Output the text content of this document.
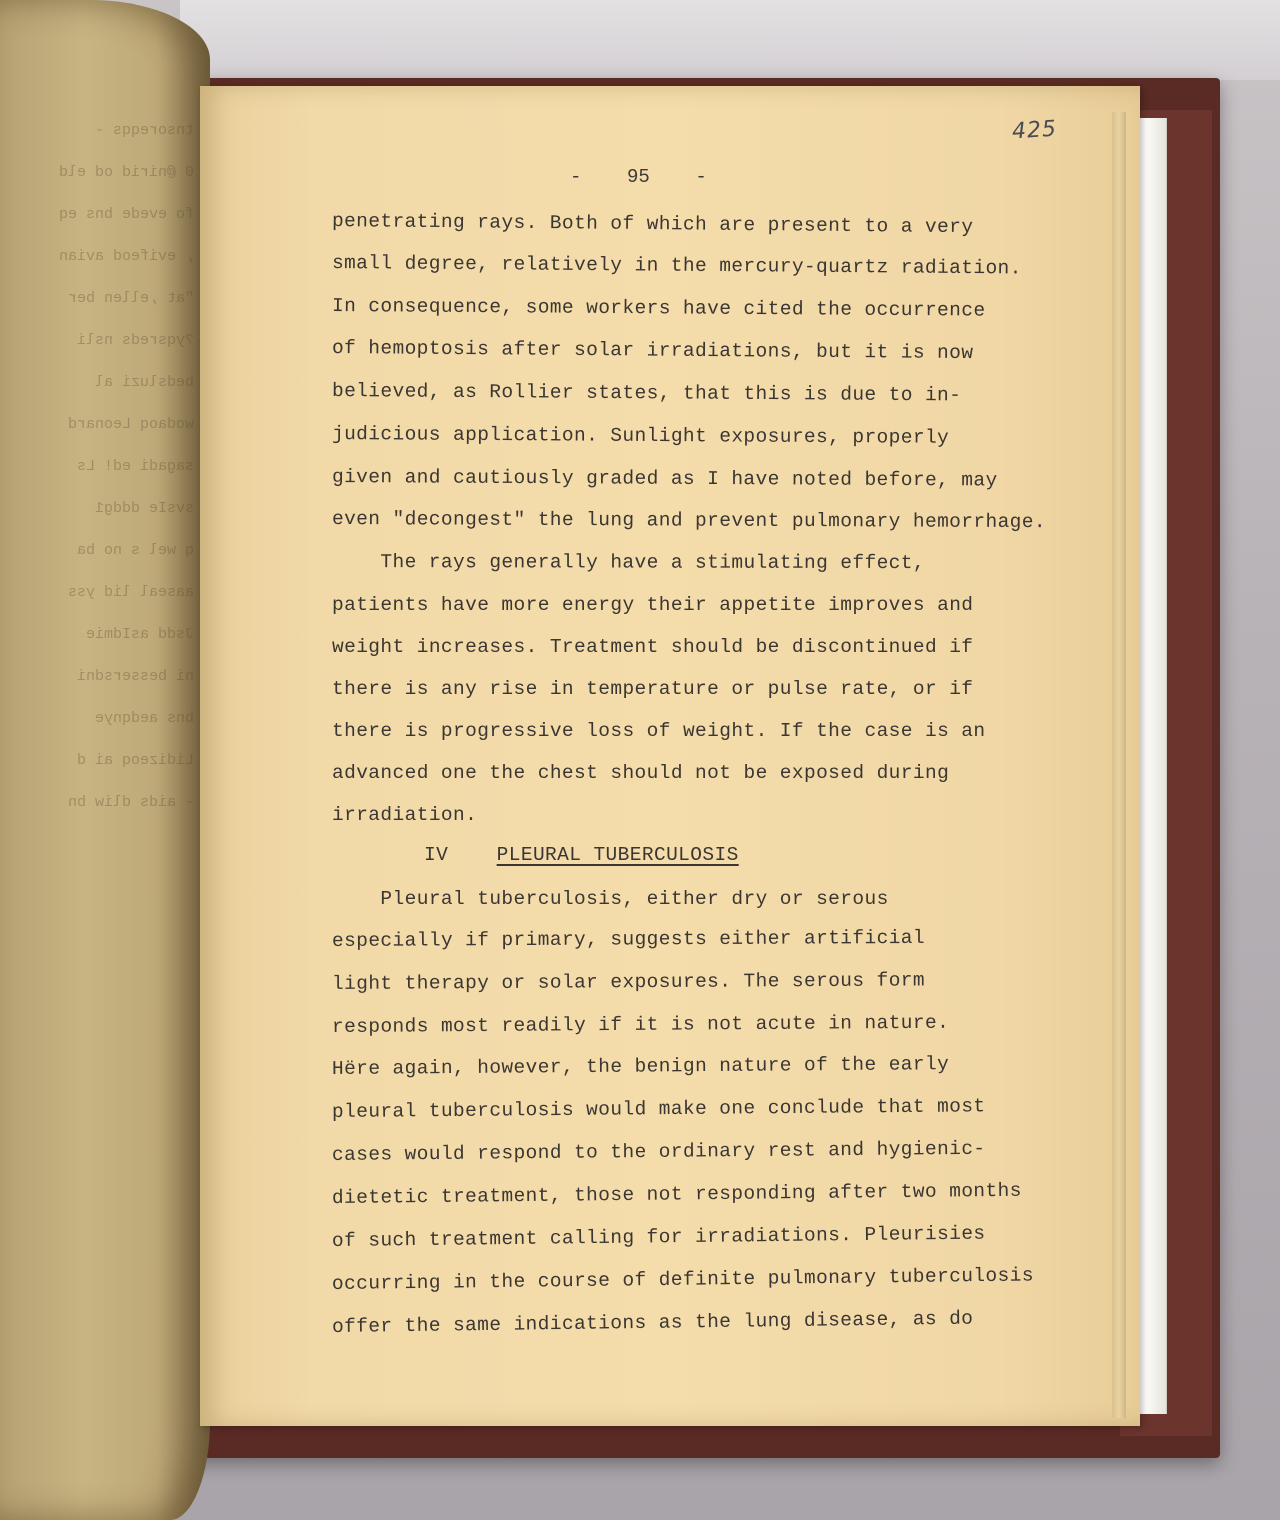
tnsoreqqs -
0 @nirid od eld
fo evede bns eq
, evifeod avian
"at ,ellen ber
?yqsreds nsli
bedsluzi al
wodaoq Leonard
sagadi ed! Ls
svsIe dddg1
q wel s no ba
aaseal lid yss
Jsdd asIdmie
ni bessersdni
bns aedqnye
Lidizeoq ai d
- aids dliw bn
425
-    95    -
penetrating rays. Both of which are present to a very
small degree, relatively in the mercury-quartz radiation.
In consequence, some workers have cited the occurrence
of hemoptosis after solar irradiations, but it is now
believed, as Rollier states, that this is due to in-
judicious application. Sunlight exposures, properly
given and cautiously graded as I have noted before, may
even "decongest" the lung and prevent pulmonary hemorrhage.
The rays generally have a stimulating effect,
patients have more energy their appetite improves and
weight increases. Treatment should be discontinued if
there is any rise in temperature or pulse rate, or if
there is progressive loss of weight. If the case is an
advanced one the chest should not be exposed during
irradiation.
IV PLEURAL TUBERCULOSIS
Pleural tuberculosis, either dry or serous
especially if primary, suggests either artificial
light therapy or solar exposures. The serous form
responds most readily if it is not acute in nature.
Hëre again, however, the benign nature of the early
pleural tuberculosis would make one conclude that most
cases would respond to the ordinary rest and hygienic-
dietetic treatment, those not responding after two months
of such treatment calling for irradiations. Pleurisies
occurring in the course of definite pulmonary tuberculosis
offer the same indications as the lung disease, as do
